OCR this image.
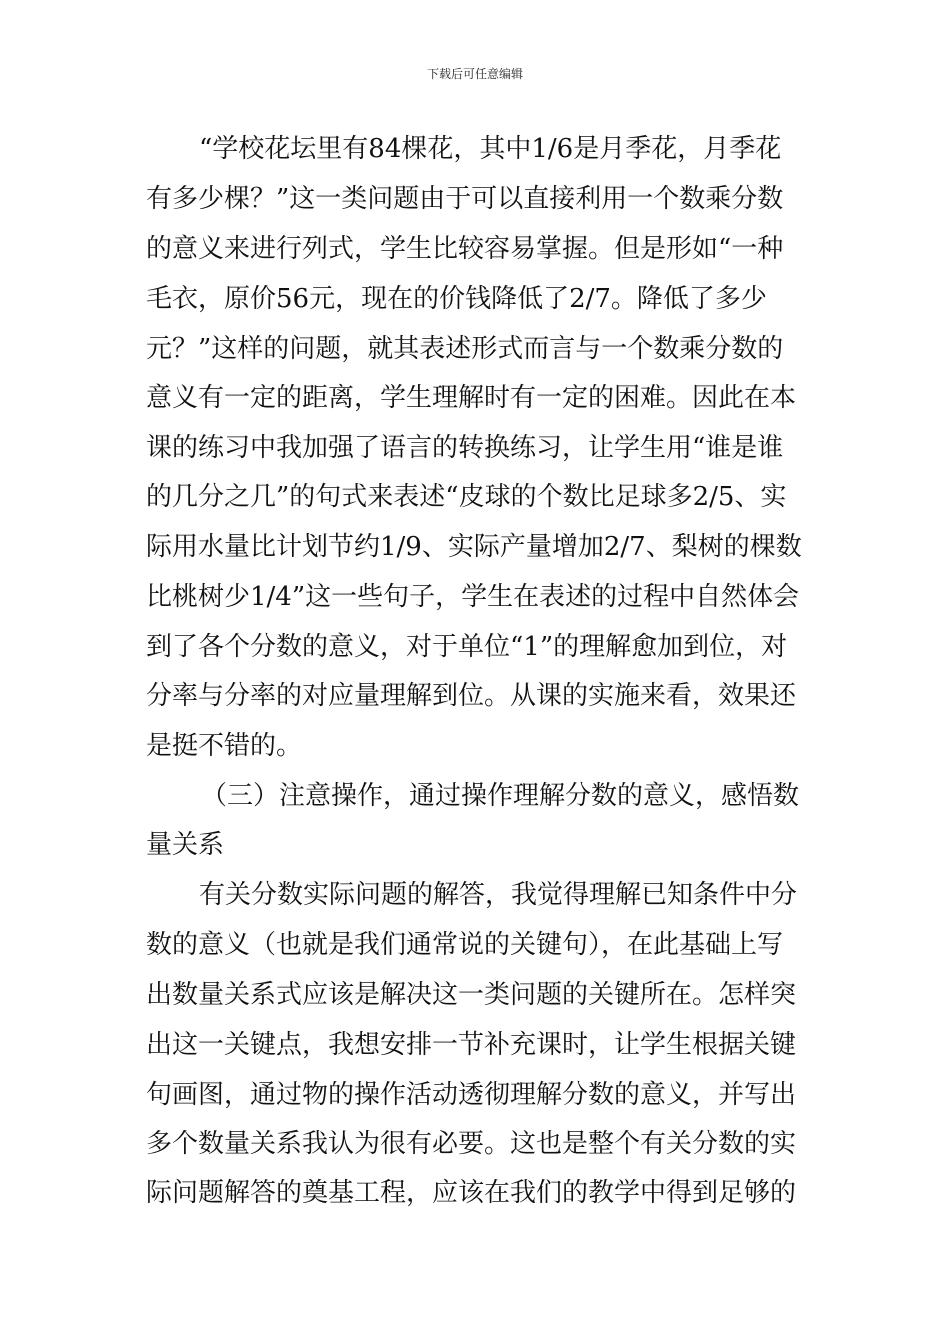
下载后可任意编辑
“学校花坛里有84棵花，其中1/6是月季花，月季花
有多少棵？”这一类问题由于可以直接利用一个数乘分数
的意义来进行列式，学生比较容易掌握。但是形如“一种
毛衣，原价56元，现在的价钱降低了2/7。降低了多少
元？”这样的问题，就其表述形式而言与一个数乘分数的
意义有一定的距离，学生理解时有一定的困难。因此在本
课的练习中我加强了语言的转换练习，让学生用“谁是谁
的几分之几”的句式来表述“皮球的个数比足球多2/5、实
际用水量比计划节约1/9、实际产量增加2/7、梨树的棵数
比桃树少1/4”这一些句子，学生在表述的过程中自然体会
到了各个分数的意义，对于单位“1”的理解愈加到位，对
分率与分率的对应量理解到位。从课的实施来看，效果还
是挺不错的。
（三）注意操作，通过操作理解分数的意义，感悟数
量关系
有关分数实际问题的解答，我觉得理解已知条件中分
数的意义（也就是我们通常说的关键句），在此基础上写
出数量关系式应该是解决这一类问题的关键所在。怎样突
出这一关键点，我想安排一节补充课时，让学生根据关键
句画图，通过物的操作活动透彻理解分数的意义，并写出
多个数量关系我认为很有必要。这也是整个有关分数的实
际问题解答的奠基工程，应该在我们的教学中得到足够的
